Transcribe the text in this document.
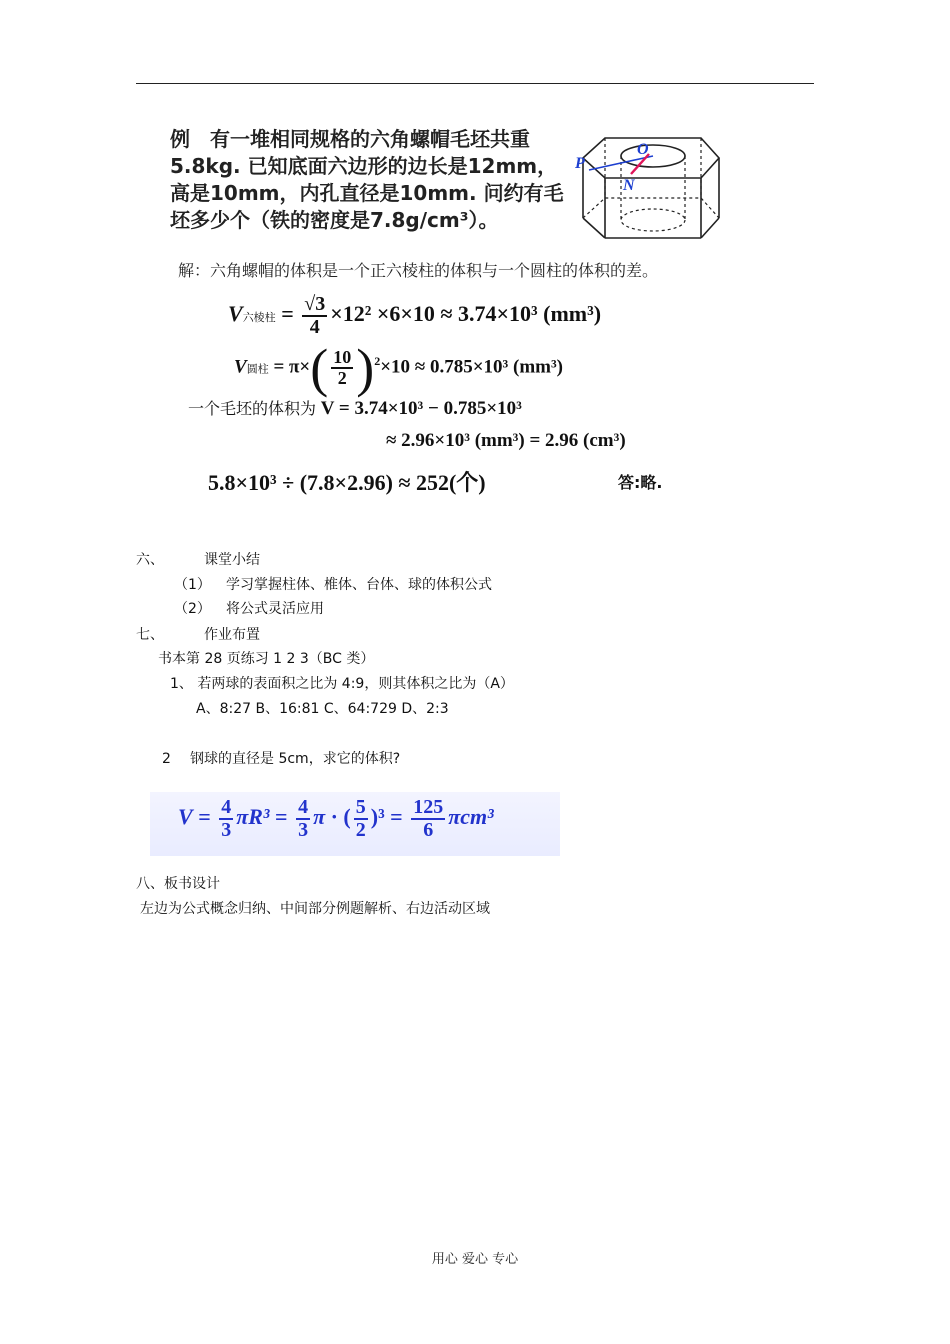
例 有一堆相同规格的六角螺帽毛坯共重5.8kg. 已知底面六边形的边长是12mm，高是10mm，内孔直径是10mm. 问约有毛坯多少个（铁的密度是7.8g/cm³）。
P
O
N
解：六角螺帽的体积是一个正六棱柱的体积与一个圆柱的体积的差。
V六棱柱 = $\frac{√3}{4} \times 12^2 \times 6\times 10 \approx 3.74\times 10^3$ (mm³)
V圆柱 = $\pi\times( \frac{10}{2} )^2\times 10 \approx 0.785\times 10^3$ (mm³)
一个毛坯的体积为 V = 3.74×10³ − 0.785×10³
≈ 2.96×10³ (mm³) = 2.96 (cm³)
5.8×10³ ÷ (7.8×2.96) ≈ 252(个)	答:略.
六、	课堂小结
（1） 学习掌握柱体、椎体、台体、球的体积公式
（2） 将公式灵活应用
七、	作业布置
书本第 28 页练习 1 2 3（BC 类）
1、 若两球的表面积之比为 4:9，则其体积之比为（A）
A、8:27 B、16:81 C、64:729 D、2:3
2 钢球的直径是 5cm，求它的体积?
$V = \frac{4}{3} \pi R^3 = \frac{4}{3}$ π · ( $\frac{5}{2} )^3 = \frac{125}{6} \pi cm^3$
八、板书设计
左边为公式概念归纳、中间部分例题解析、右边活动区域
用心 爱心 专心
